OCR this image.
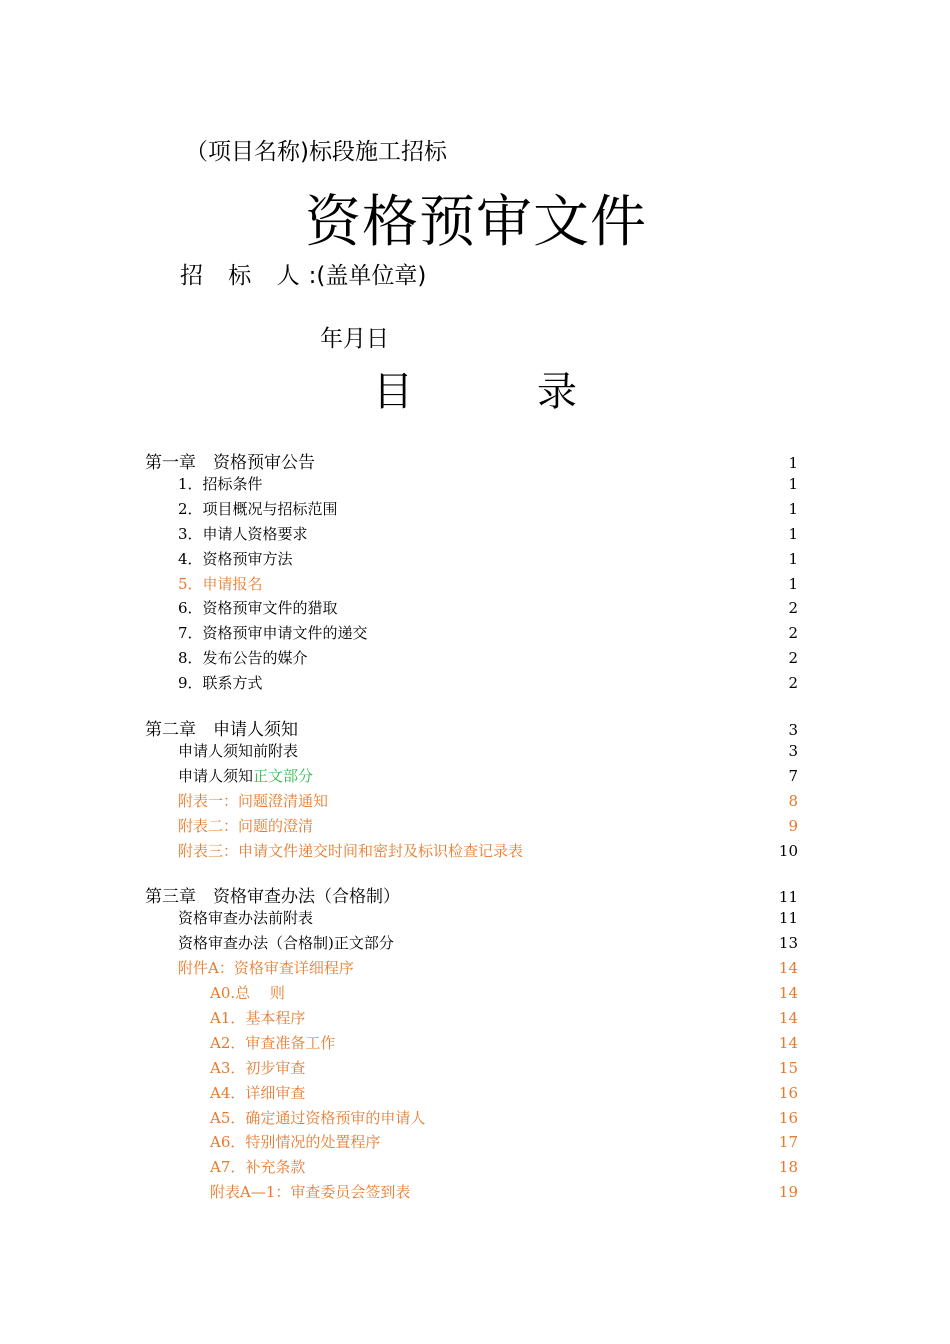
（项目名称)标段施工招标
资格预审文件
招 标 人:(盖单位章)
年月日
目　录
第一章　资格预审公告	1
1．招标条件	1
2．项目概况与招标范围	1
3．申请人资格要求	1
4．资格预审方法	1
5．申请报名	1
6．资格预审文件的猎取	2
7．资格预审申请文件的递交	2
8．发布公告的媒介	2
9．联系方式	2
第二章　申请人须知	3
申请人须知前附表	3
申请人须知正文部分	7
附表一：问题澄清通知	8
附表二：问题的澄清	9
附表三：申请文件递交时间和密封及标识检查记录表	10
第三章　资格审查办法（合格制）	11
资格审查办法前附表	11
资格审查办法（合格制)正文部分	13
附件A：资格审查详细程序	14
A0.总　 则	14
A1．基本程序	14
A2．审查准备工作	14
A3．初步审查	15
A4．详细审查	16
A5．确定通过资格预审的申请人	16
A6．特别情况的处置程序	17
A7．补充条款	18
附表A—1：审查委员会签到表	19
